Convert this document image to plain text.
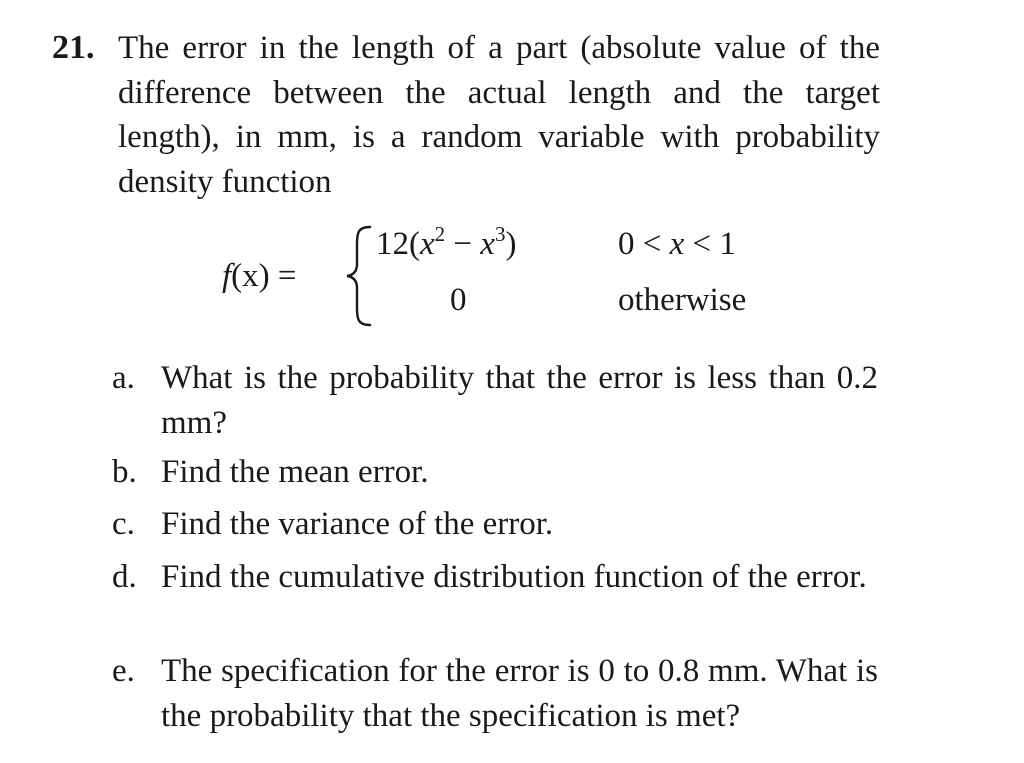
21. The error in the length of a part (absolute value of the difference between the actual length and the target length), in mm, is a random variable with probability density function
f(x) =
$12(x^2 - x^3)$	0 < x < 1
0	otherwise
a. What is the probability that the error is less than 0.2 mm?
b. Find the mean error.
c. Find the variance of the error.
d. Find the cumulative distribution function of the error.
e. The specification for the error is 0 to 0.8 mm. What is the probability that the specification is met?
